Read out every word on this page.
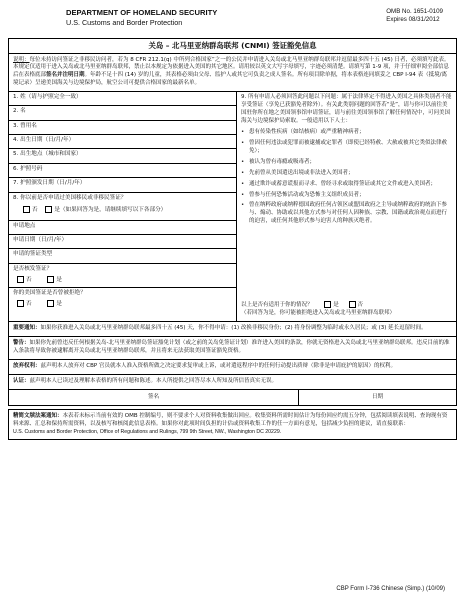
DEPARTMENT OF HOMELAND SECURITY
U.S. Customs and Border Protection
OMB No. 1651-0109
Expires 08/31/2012
关岛 – 北马里亚纳群岛联邦 (CNMI) 签证豁免信息
说明：每位未持访问签证之非移民访问者，若为 8 CFR 212.1(q) 中所列合格国家”之一的公民并申请进入关岛或北马里亚纳群岛联邦并逗留最多四十五 (45) 日者，必须填写此表。本规定仅适用于进入关岛或北马里亚纳群岛联邦，禁止以本规定为依据进入美国的其它地区。请用较以英文大写字母填写，字迹必须清楚。请填写第 1-9 项，并于仔细审阅全部信息后在表格底部签名并注明日期。年龄不足十四 (14) 岁的儿童，其表格必须由父母、监护人或其它可负责之成人签名。所有项目除单据，将本表格连同填妥之 CBP I-94 表（抵境/离境记录）呈递美国海关与边境保护局，航空公司可提供合格国家的最新名单。
1. 姓（请与护照完全一致）
2. 名
3. 曾用名
4. 出生日期（日/月/年）
5. 出生地点（城市和国家）
6. 护照号码
7. 护照颁发日期（日/月/年）
8. 你以前是否申请过美国移民或非移民签证？
否	是（如果回答为是，请继续填写以下各部分）
申请地点
申请日期（日/月/年）
申请的签证类型
是否核发签证？
否	是
你的美国签证是否曾被拒绝？
否	是
9. 所有申请人必须回答此问题以下问题：属于法律界定不得进入美国之具体类别者不能享受签证（享免已获豁免者除外）。有关此类别问题的回答若“是”，请与你可以前往美国驻你所在地之美国领事馆申请签证，请与前往美国领事馆了解任何情况中，可问美国海关与边境保护局索取。一般适用以下人士：
• 患有传染性疾病（如结核病）或严重精神病者；
• 曾因任何违法或犯罪而被逮捕或定罪者（即使已经特赦、大赦或被其它类似法律赦免）；
• 被认为曾有毒瘾或吸毒者；
• 先前曾从美国遣送出境或非法进入美国者；
• 通过欺诈或蓄意谎报而寻求、曾经寻求或取得签证或其它文件或进入美国者；
• 曾参与任何恐怖活动或为恐怖主义组织成员者；
• 曾在纳粹政府或纳粹德国政府任何占领区或盟国政府之主导或纳粹政府的统治下参与、煽动、协助或以其他方式参与对任何人因种族、宗教、国籍或政治观点而进行的迫害，或任何其他形式参与迫害人的种族灭绝者。
以上是否有适用于你的情况？	是	否
（若回答为是，你可能被拒绝进入关岛或北马里亚纳群岛联邦）
重要通知：如果你获准进入关岛或北马里亚纳群岛联邦最多四十五 (45) 天，你不得申请：(1) 改换非移民身份；(2) 将身份调整为临时或永久居民；或 (3) 延长逗留时间。
警告：如果你先前曾违反任何根据关岛-北马里亚纳群岛签证豁免计划（或之前的关岛免签证计划）准许进入美国的条款，你就无资格进入关岛或北马里亚纳群岛联邦。违反目前的准入条款将导致你被逮解离开关岛或北马里亚纳群岛联邦，并且将来无法获取美国签证豁免资格。
放弃权利：兹声明本人放弃对 CBP 官员就本人准入资格所做之决定要求复审或上诉，或对遣返程序中的任何行动提出质辩（除非是申请庇护的原因）的权利。
认证：兹声明本人已读过及理解本表格的所有问题和陈述。本人所提供之回答尽本人所知及所信皆真实无误。
签名	日期
精简文牍法案通知：本表若未标示当前有效的 OMB 控制编号，则不要求个人对资料收集做出回应。收集资料所需时间估计为每份回应约需五分钟，包括阅读填表说明、查询现有资料来源、汇总和保持所需资料，以及核写和核阅此信息表格。如果你对此项时间负担的计估或资料收集工作的任一方面有意见，包括减少负担的建议，请直接联系：
U.S. Customs and Border Protection, Office of Regulations and Rulings, 799 9th Street, NW., Washington DC 20229.
CBP Form I-736 Chinese (Simp.) (10/09)
